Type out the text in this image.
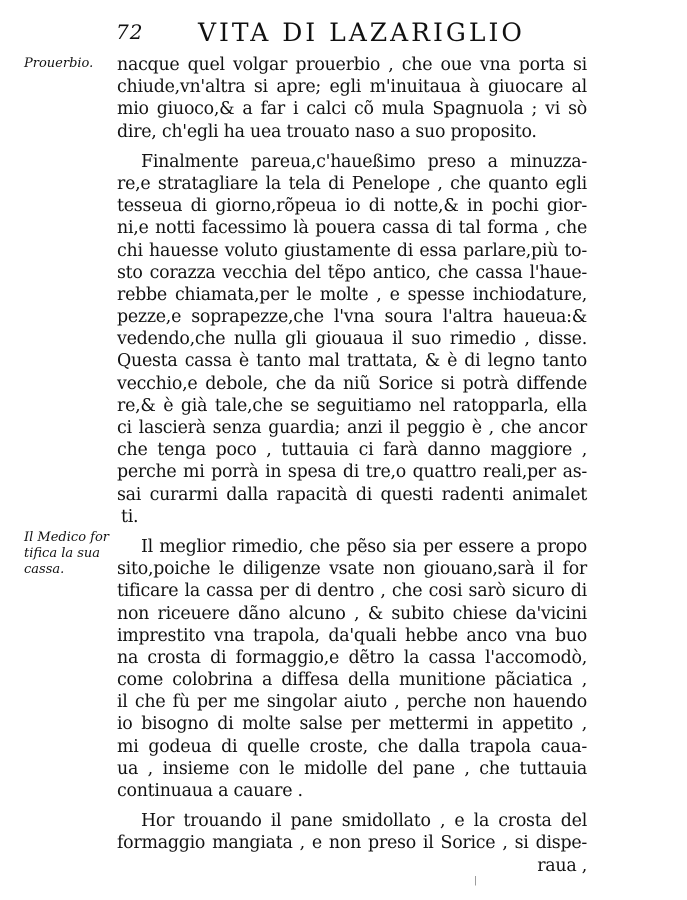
72 VITA DI LAZARIGLIO
Prouerbio.
Il Medico for
tifica la sua
cassa.
nacque quel volgar prouerbio , che oue vna porta si
chiude,vn'altra si apre; egli m'inuitaua à giuocare al
mio giuoco,& a far i calci cõ mula Spagnuola ; vi sò
dire, ch'egli ha uea trouato naso a suo proposito.
Finalmente pareua,c'haueßimo preso a minuzza-
re,e stratagliare la tela di Penelope , che quanto egli
tesseua di giorno,rõpeua io di notte,& in pochi gior-
ni,e notti facessimo là pouera cassa di tal forma , che
chi hauesse voluto giustamente di essa parlare,più to-
sto corazza vecchia del tẽpo antico, che cassa l'haue-
rebbe chiamata,per le molte , e spesse inchiodature,
pezze,e soprapezze,che l'vna soura l'altra haueua:&
vedendo,che nulla gli giouaua il suo rimedio , disse.
Questa cassa è tanto mal trattata, & è di legno tanto
vecchio,e debole, che da niũ Sorice si potrà diffende
re,& è già tale,che se seguitiamo nel ratopparla, ella
ci lascierà senza guardia; anzi il peggio è , che ancor
che tenga poco , tuttauia ci farà danno maggiore ,
perche mi porrà in spesa di tre,o quattro reali,per as-
sai curarmi dalla rapacità di questi radenti animalet
ti.
Il meglior rimedio, che pẽso sia per essere a propo
sito,poiche le diligenze vsate non giouano,sarà il for
tificare la cassa per di dentro , che cosi sarò sicuro di
non riceuere dãno alcuno , & subito chiese da'vicini
imprestito vna trapola, da'quali hebbe anco vna buo
na crosta di formaggio,e dẽtro la cassa l'accomodò,
come colobrina a diffesa della munitione pãciatica ,
il che fù per me singolar aiuto , perche non hauendo
io bisogno di molte salse per mettermi in appetito ,
mi godeua di quelle croste, che dalla trapola caua-
ua , insieme con le midolle del pane , che tuttauia
continuaua a cauare .
Hor trouando il pane smidollato , e la crosta del
formaggio mangiata , e non preso il Sorice , si dispe-
raua ,
|
